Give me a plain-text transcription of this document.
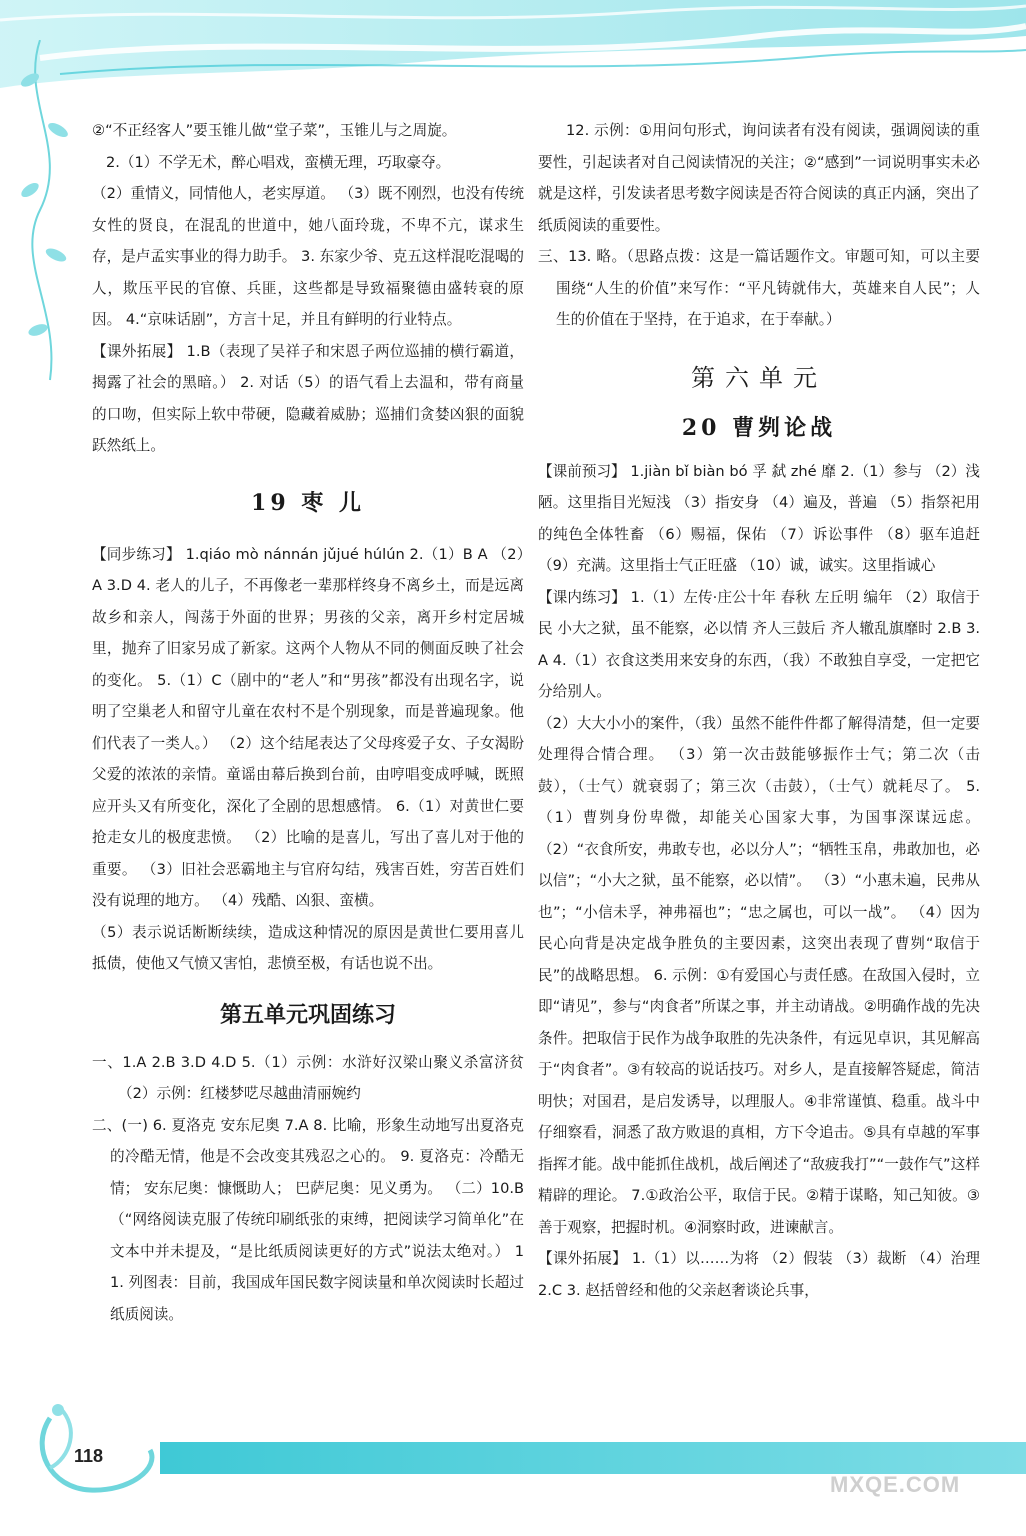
②“不正经客人”要玉锥儿做“堂子菜”，玉锥儿与之周旋。

2.（1）不学无术，醉心唱戏，蛮横无理，巧取豪夺。

（2）重情义，同情他人，老实厚道。 （3）既不刚烈，也没有传统女性的贤良，在混乱的世道中，她八面玲珑，不卑不亢，谋求生存，是卢孟实事业的得力助手。 3. 东家少爷、克五这样混吃混喝的人，欺压平民的官僚、兵匪，这些都是导致福聚德由盛转衰的原因。 4.“京味话剧”，方言十足，并且有鲜明的行业特点。

【课外拓展】 1.B（表现了吴祥子和宋恩子两位巡捕的横行霸道，揭露了社会的黑暗。） 2. 对话（5）的语气看上去温和，带有商量的口吻，但实际上软中带硬，隐藏着威胁；巡捕们贪婪凶狠的面貌跃然纸上。

19 枣 儿

【同步练习】 1.qiáo mò nánnán jǔjué húlún 2.（1）B A （2）A 3.D 4. 老人的儿子，不再像老一辈那样终身不离乡土，而是远离故乡和亲人，闯荡于外面的世界；男孩的父亲，离开乡村定居城里，抛弃了旧家另成了新家。这两个人物从不同的侧面反映了社会的变化。 5.（1）C（剧中的“老人”和“男孩”都没有出现名字，说明了空巢老人和留守儿童在农村不是个别现象，而是普遍现象。他们代表了一类人。） （2）这个结尾表达了父母疼爱子女、子女渴盼父爱的浓浓的亲情。童谣由幕后换到台前，由哼唱变成呼喊，既照应开头又有所变化，深化了全剧的思想感情。 6.（1）对黄世仁要抢走女儿的极度悲愤。 （2）比喻的是喜儿，写出了喜儿对于他的重要。 （3）旧社会恶霸地主与官府勾结，残害百姓，穷苦百姓们没有说理的地方。 （4）残酷、凶狠、蛮横。

（5）表示说话断断续续，造成这种情况的原因是黄世仁要用喜儿抵债，使他又气愤又害怕，悲愤至极，有话也说不出。

第五单元巩固练习

一、1.A 2.B 3.D 4.D 5.（1）示例：水浒好汉梁山聚义杀富济贫 （2）示例：红楼梦呓尽越曲清丽婉约

二、(一) 6. 夏洛克 安东尼奥 7.A 8. 比喻，形象生动地写出夏洛克的冷酷无情，他是不会改变其残忍之心的。 9. 夏洛克：冷酷无情； 安东尼奥：慷慨助人； 巴萨尼奥：见义勇为。 （二）10.B（“网络阅读克服了传统印刷纸张的束缚，把阅读学习简单化”在文本中并未提及，“是比纸质阅读更好的方式”说法太绝对。） 11. 列图表：目前，我国成年国民数字阅读量和单次阅读时长超过纸质阅读。

12. 示例：①用问句形式，询问读者有没有阅读，强调阅读的重要性，引起读者对自己阅读情况的关注；②“感到”一词说明事实未必就是这样，引发读者思考数字阅读是否符合阅读的真正内涵，突出了纸质阅读的重要性。

三、13. 略。（思路点拨：这是一篇话题作文。审题可知，可以主要围绕“人生的价值”来写作：“平凡铸就伟大，英雄来自人民”；人生的价值在于坚持，在于追求，在于奉献。）

第六单元

20 曹刿论战

【课前预习】 1.jiàn bǐ biàn bó 孚 弑 zhé 靡 2.（1）参与 （2）浅陋。这里指目光短浅 （3）指安身 （4）遍及，普遍 （5）指祭祀用的纯色全体牲畜 （6）赐福，保佑 （7）诉讼事件 （8）驱车追赶 （9）充满。这里指士气正旺盛 （10）诚，诚实。这里指诚心

【课内练习】 1.（1）左传·庄公十年 春秋 左丘明 编年 （2）取信于民 小大之狱，虽不能察，必以情 齐人三鼓后 齐人辙乱旗靡时 2.B 3.A 4.（1）衣食这类用来安身的东西，（我）不敢独自享受，一定把它分给别人。

（2）大大小小的案件，（我）虽然不能件件都了解得清楚，但一定要处理得合情合理。 （3）第一次击鼓能够振作士气；第二次（击鼓），（士气）就衰弱了；第三次（击鼓），（士气）就耗尽了。 5.（1）曹刿身份卑微，却能关心国家大事，为国事深谋远虑。 （2）“衣食所安，弗敢专也，必以分人”；“牺牲玉帛，弗敢加也，必以信”；“小大之狱，虽不能察，必以情”。 （3）“小惠未遍，民弗从也”；“小信未孚，神弗福也”；“忠之属也，可以一战”。 （4）因为民心向背是决定战争胜负的主要因素，这突出表现了曹刿“取信于民”的战略思想。 6. 示例：①有爱国心与责任感。在敌国入侵时，立即“请见”，参与“肉食者”所谋之事，并主动请战。②明确作战的先决条件。把取信于民作为战争取胜的先决条件，有远见卓识，其见解高于“肉食者”。③有较高的说话技巧。对乡人，是直接解答疑虑，简洁明快；对国君，是启发诱导，以理服人。④非常谨慎、稳重。战斗中仔细察看，洞悉了敌方败退的真相，方下令追击。⑤具有卓越的军事指挥才能。战中能抓住战机，战后阐述了“敌疲我打”“一鼓作气”这样精辟的理论。 7.①政治公平，取信于民。②精于谋略，知己知彼。③善于观察，把握时机。④洞察时政，进谏献言。

【课外拓展】 1.（1）以……为将 （2）假装 （3）裁断 （4）治理 2.C 3. 赵括曾经和他的父亲赵奢谈论兵事，

118
MXQE.COM
